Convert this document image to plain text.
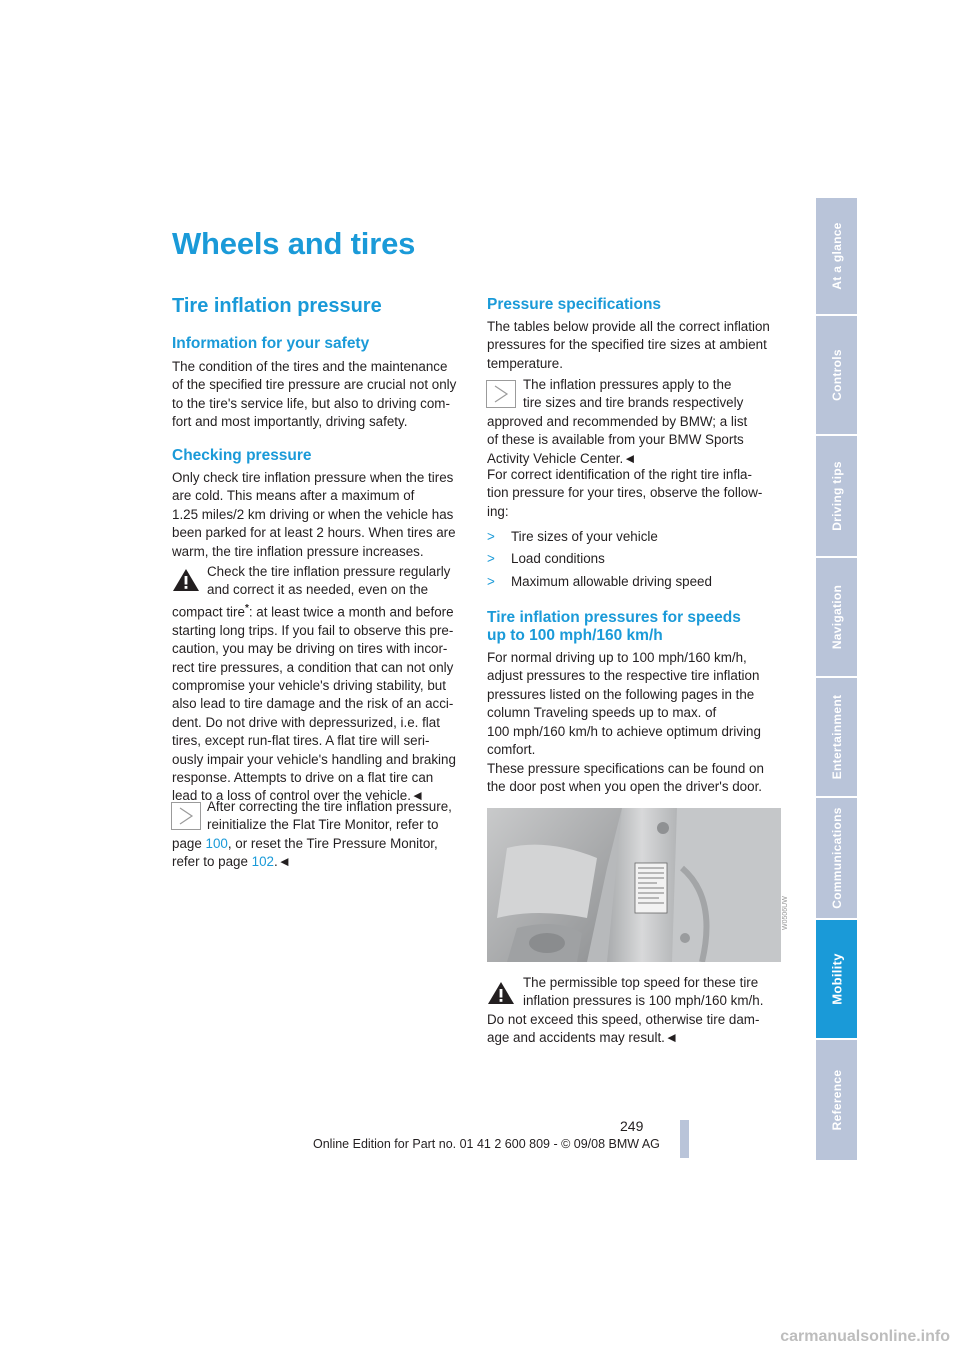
Wheels and tires
Tire inflation pressure
Information for your safety
The condition of the tires and the maintenance
of the specified tire pressure are crucial not only
to the tire's service life, but also to driving com-
fort and most importantly, driving safety.
Checking pressure
Only check tire inflation pressure when the tires
are cold. This means after a maximum of
1.25 miles/2 km driving or when the vehicle has
been parked for at least 2 hours. When tires are
warm, the tire inflation pressure increases.
Check the tire inflation pressure regularly
and correct it as needed, even on the
compact tire*: at least twice a month and before
starting long trips. If you fail to observe this pre-
caution, you may be driving on tires with incor-
rect tire pressures, a condition that can not only
compromise your vehicle's driving stability, but
also lead to tire damage and the risk of an acci-
dent. Do not drive with depressurized, i.e. flat
tires, except run-flat tires. A flat tire will seri-
ously impair your vehicle's handling and braking
response. Attempts to drive on a flat tire can
lead to a loss of control over the vehicle.◄
After correcting the tire inflation pressure,
reinitialize the Flat Tire Monitor, refer to
page 100, or reset the Tire Pressure Monitor,
refer to page 102.◄
Pressure specifications
The tables below provide all the correct inflation
pressures for the specified tire sizes at ambient
temperature.
The inflation pressures apply to the
tire sizes and tire brands respectively
approved and recommended by BMW; a list
of these is available from your BMW Sports
Activity Vehicle Center.◄
For correct identification of the right tire infla-
tion pressure for your tires, observe the follow-
ing:
> Tire sizes of your vehicle
> Load conditions
> Maximum allowable driving speed
Tire inflation pressures for speeds
up to 100 mph/160 km/h
For normal driving up to 100 mph/160 km/h,
adjust pressures to the respective tire inflation
pressures listed on the following pages in the
column Traveling speeds up to max. of
100 mph/160 km/h to achieve optimum driving
comfort.
These pressure specifications can be found on
the door post when you open the driver's door.
W0506UW
The permissible top speed for these tire
inflation pressures is 100 mph/160 km/h.
Do not exceed this speed, otherwise tire dam-
age and accidents may result.◄
At a glance
Controls
Driving tips
Navigation
Entertainment
Communications
Mobility
Reference
249
Online Edition for Part no. 01 41 2 600 809 - © 09/08 BMW AG
carmanualsonline.info
